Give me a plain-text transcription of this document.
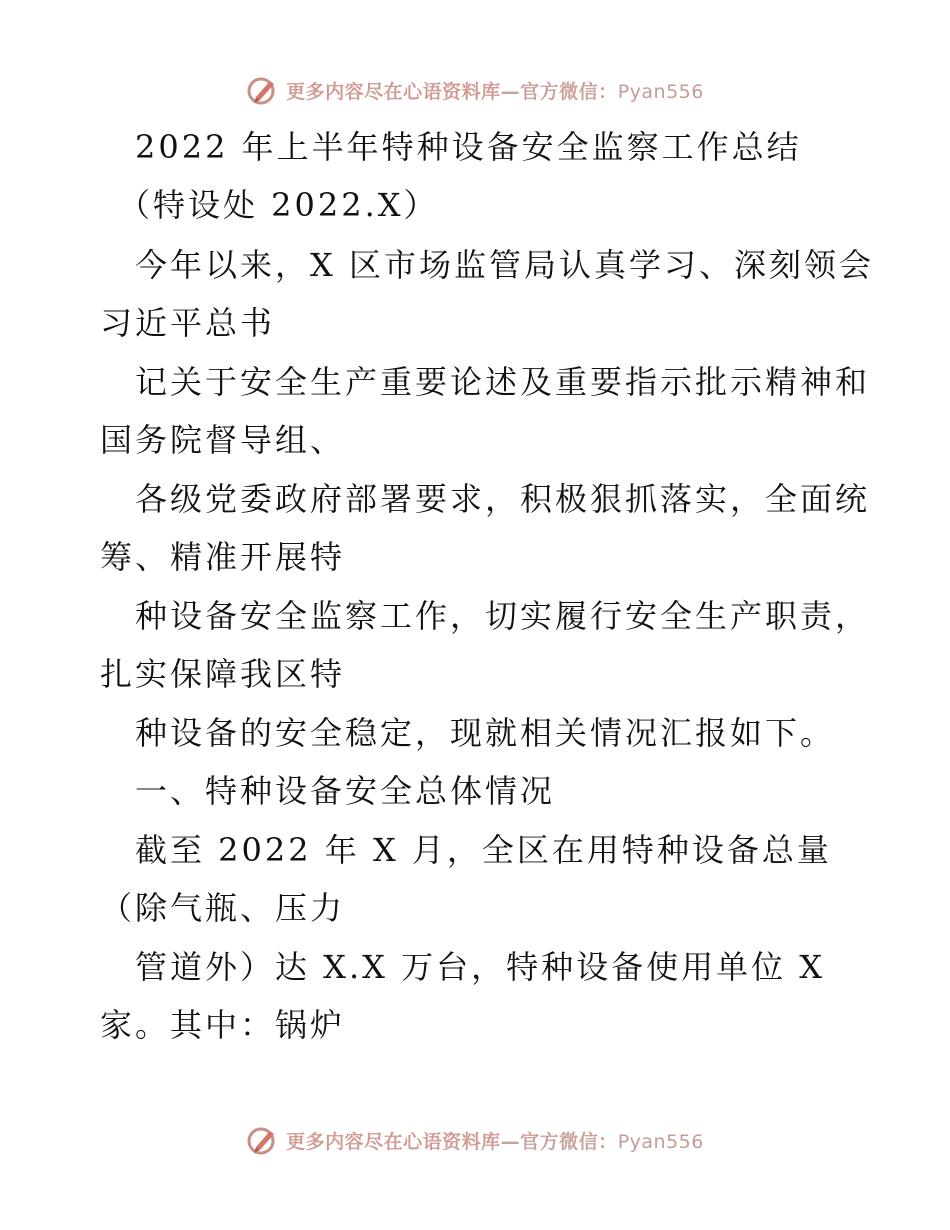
更多内容尽在心语资料库—官方微信：Pyan556
2022 年上半年特种设备安全监察工作总结
（特设处 2022.X）
今年以来，X 区市场监管局认真学习、深刻领会
习近平总书
记关于安全生产重要论述及重要指示批示精神和
国务院督导组、
各级党委政府部署要求，积极狠抓落实，全面统
筹、精准开展特
种设备安全监察工作，切实履行安全生产职责，
扎实保障我区特
种设备的安全稳定，现就相关情况汇报如下。
一、特种设备安全总体情况
截至 2022 年 X 月，全区在用特种设备总量
（除气瓶、压力
管道外）达 X.X 万台，特种设备使用单位 X
家。其中：锅炉
更多内容尽在心语资料库—官方微信：Pyan556
